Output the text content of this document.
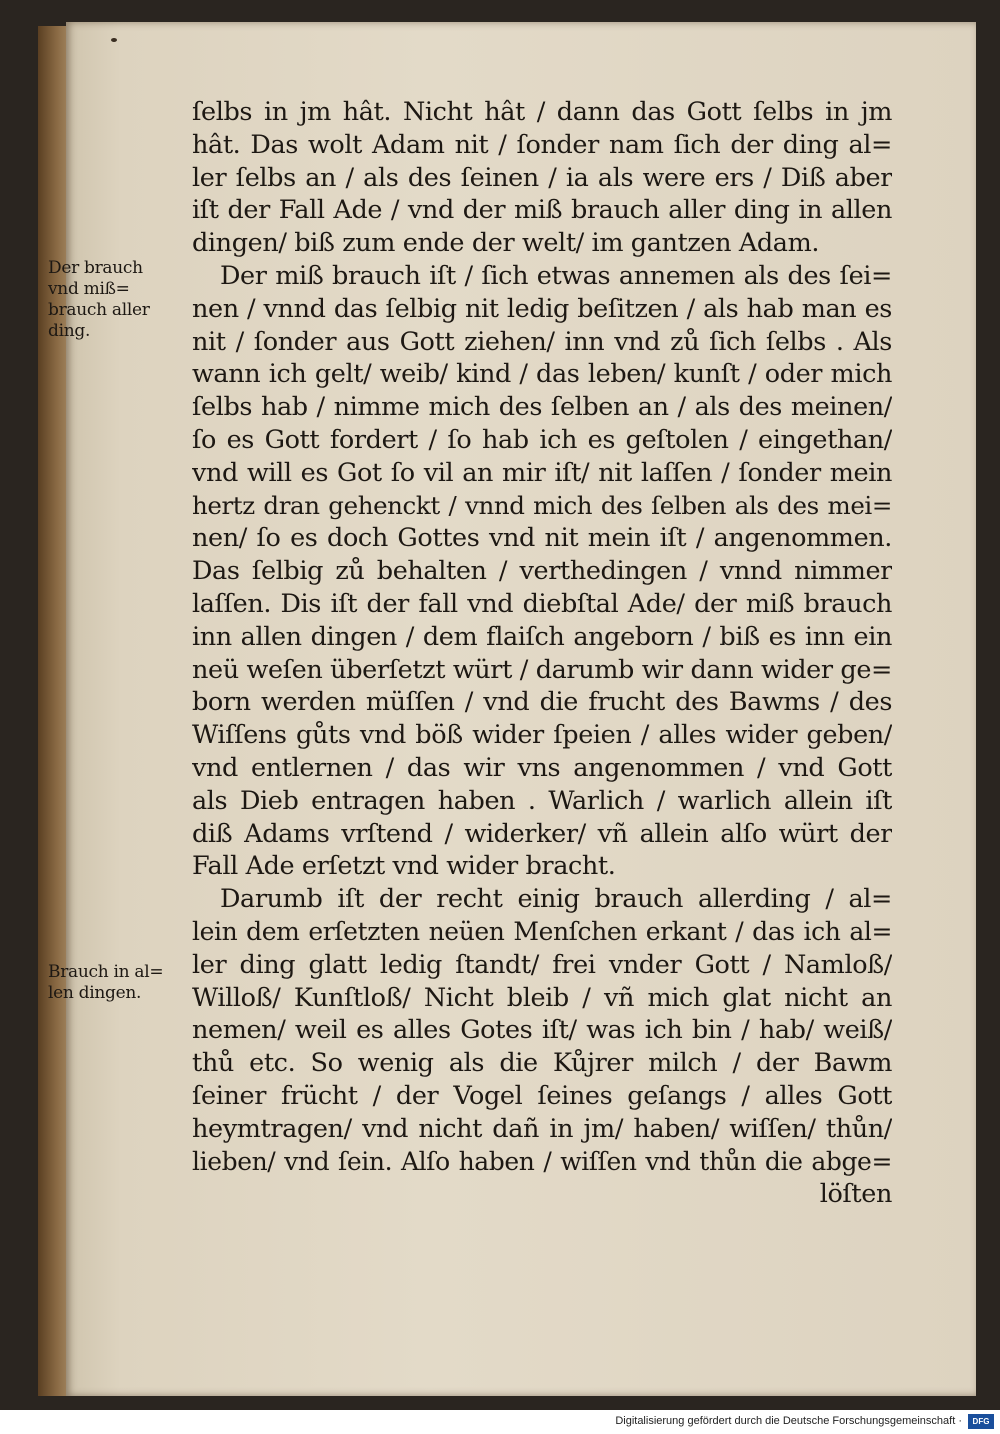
Der brauch
vnd miß=
brauch aller
ding.
Brauch in al=
len dingen.
ſelbs in jm hât. Nicht hât / dann das Gott ſelbs in jm
hât. Das wolt Adam nit / ſonder nam ſich der ding al=
ler ſelbs an / als des ſeinen / ia als were ers / Diß aber
iſt der Fall Ade / vnd der miß brauch aller ding in allen
dingen/ biß zum ende der welt/ im gantzen Adam.
Der miß brauch iſt / ſich etwas annemen als des ſei=
nen / vnnd das ſelbig nit ledig beſitzen / als hab man es
nit / ſonder aus Gott ziehen/ inn vnd zů ſich ſelbs . Als
wann ich gelt/ weib/ kind / das leben/ kunſt / oder mich
ſelbs hab / nimme mich des ſelben an / als des meinen/
ſo es Gott fordert / ſo hab ich es geſtolen / eingethan/
vnd will es Got ſo vil an mir iſt/ nit laſſen / ſonder mein
hertz dran gehenckt / vnnd mich des ſelben als des mei=
nen/ ſo es doch Gottes vnd nit mein iſt / angenommen.
Das ſelbig zů behalten / verthedingen / vnnd nimmer
laſſen. Dis iſt der fall vnd diebſtal Ade/ der miß brauch
inn allen dingen / dem flaiſch angeborn / biß es inn ein
neü weſen überſetzt würt / darumb wir dann wider ge=
born werden müſſen / vnd die frucht des Bawms / des
Wiſſens gůts vnd böß wider ſpeien / alles wider geben/
vnd entlernen / das wir vns angenommen / vnd Gott
als Dieb entragen haben . Warlich / warlich allein iſt
diß Adams vrſtend / widerker/ vñ allein alſo würt der
Fall Ade erſetzt vnd wider bracht.
Darumb iſt der recht einig brauch allerding / al=
lein dem erſetzten neüen Menſchen erkant / das ich al=
ler ding glatt ledig ſtandt/ frei vnder Gott / Namloß/
Willoß/ Kunſtloß/ Nicht bleib / vñ mich glat nicht an
nemen/ weil es alles Gotes iſt/ was ich bin / hab/ weiß/
thů etc. So wenig als die Kůjrer milch / der Bawm
ſeiner frücht / der Vogel ſeines geſangs / alles Gott
heymtragen/ vnd nicht dañ in jm/ haben/ wiſſen/ thůn/
lieben/ vnd ſein. Alſo haben / wiſſen vnd thůn die abge=
löſten
Digitalisierung gefördert durch die Deutsche Forschungsgemeinschaft ·	DFG
